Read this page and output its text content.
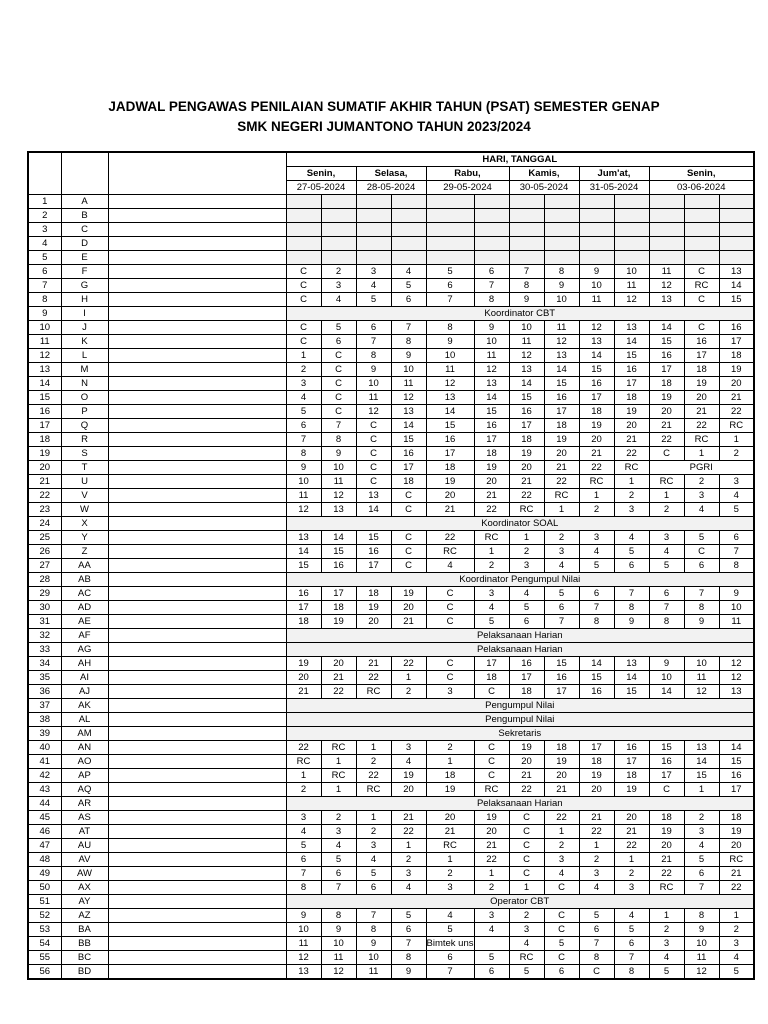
JADWAL PENGAWAS PENILAIAN SUMATIF AKHIR TAHUN (PSAT) SEMESTER GENAP
SMK NEGERI JUMANTONO TAHUN 2023/2024
			HARI, TANGGAL												
			Senin,		Selasa,		Rabu,		Kamis,		Jum'at,		Senin,		
			27-05-2024		28-05-2024		29-05-2024		30-05-2024		31-05-2024		03-06-2024		
1	A														
2	B														
3	C														
4	D														
5	E														
6	F		C	2	3	4	5	6	7	8	9	10	11	C	13
7	G		C	3	4	5	6	7	8	9	10	11	12	RC	14
8	H		C	4	5	6	7	8	9	10	11	12	13	C	15
9	I		Koordinator CBT												
10	J		C	5	6	7	8	9	10	11	12	13	14	C	16
11	K		C	6	7	8	9	10	11	12	13	14	15	16	17
12	L		1	C	8	9	10	11	12	13	14	15	16	17	18
13	M		2	C	9	10	11	12	13	14	15	16	17	18	19
14	N		3	C	10	11	12	13	14	15	16	17	18	19	20
15	O		4	C	11	12	13	14	15	16	17	18	19	20	21
16	P		5	C	12	13	14	15	16	17	18	19	20	21	22
17	Q		6	7	C	14	15	16	17	18	19	20	21	22	RC
18	R		7	8	C	15	16	17	18	19	20	21	22	RC	1
19	S		8	9	C	16	17	18	19	20	21	22	C	1	2
20	T		9	10	C	17	18	19	20	21	22	RC	PGRI		
21	U		10	11	C	18	19	20	21	22	RC	1	RC	2	3
22	V		11	12	13	C	20	21	22	RC	1	2	1	3	4
23	W		12	13	14	C	21	22	RC	1	2	3	2	4	5
24	X		Koordinator SOAL												
25	Y		13	14	15	C	22	RC	1	2	3	4	3	5	6
26	Z		14	15	16	C	RC	1	2	3	4	5	4	C	7
27	AA		15	16	17	C	4	2	3	4	5	6	5	6	8
28	AB		Koordinator Pengumpul Nilai												
29	AC		16	17	18	19	C	3	4	5	6	7	6	7	9
30	AD		17	18	19	20	C	4	5	6	7	8	7	8	10
31	AE		18	19	20	21	C	5	6	7	8	9	8	9	11
32	AF		Pelaksanaan Harian												
33	AG		Pelaksanaan Harian												
34	AH		19	20	21	22	C	17	16	15	14	13	9	10	12
35	AI		20	21	22	1	C	18	17	16	15	14	10	11	12
36	AJ		21	22	RC	2	3	C	18	17	16	15	14	12	13
37	AK		Pengumpul Nilai												
38	AL		Pengumpul Nilai												
39	AM		Sekretaris												
40	AN		22	RC	1	3	2	C	19	18	17	16	15	13	14
41	AO		RC	1	2	4	1	C	20	19	18	17	16	14	15
42	AP		1	RC	22	19	18	C	21	20	19	18	17	15	16
43	AQ		2	1	RC	20	19	RC	22	21	20	19	C	1	17
44	AR		Pelaksanaan Harian												
45	AS		3	2	1	21	20	19	C	22	21	20	18	2	18
46	AT		4	3	2	22	21	20	C	1	22	21	19	3	19
47	AU		5	4	3	1	RC	21	C	2	1	22	20	4	20
48	AV		6	5	4	2	1	22	C	3	2	1	21	5	RC
49	AW		7	6	5	3	2	1	C	4	3	2	22	6	21
50	AX		8	7	6	4	3	2	1	C	4	3	RC	7	22
51	AY		Operator CBT												
52	AZ		9	8	7	5	4	3	2	C	5	4	1	8	1
53	BA		10	9	8	6	5	4	3	C	6	5	2	9	2
54	BB		11	10	9	7	Bimtek uns		4	5	7	6	3	10	3
55	BC		12	11	10	8	6	5	RC	C	8	7	4	11	4
56	BD		13	12	11	9	7	6	5	6	C	8	5	12	5
